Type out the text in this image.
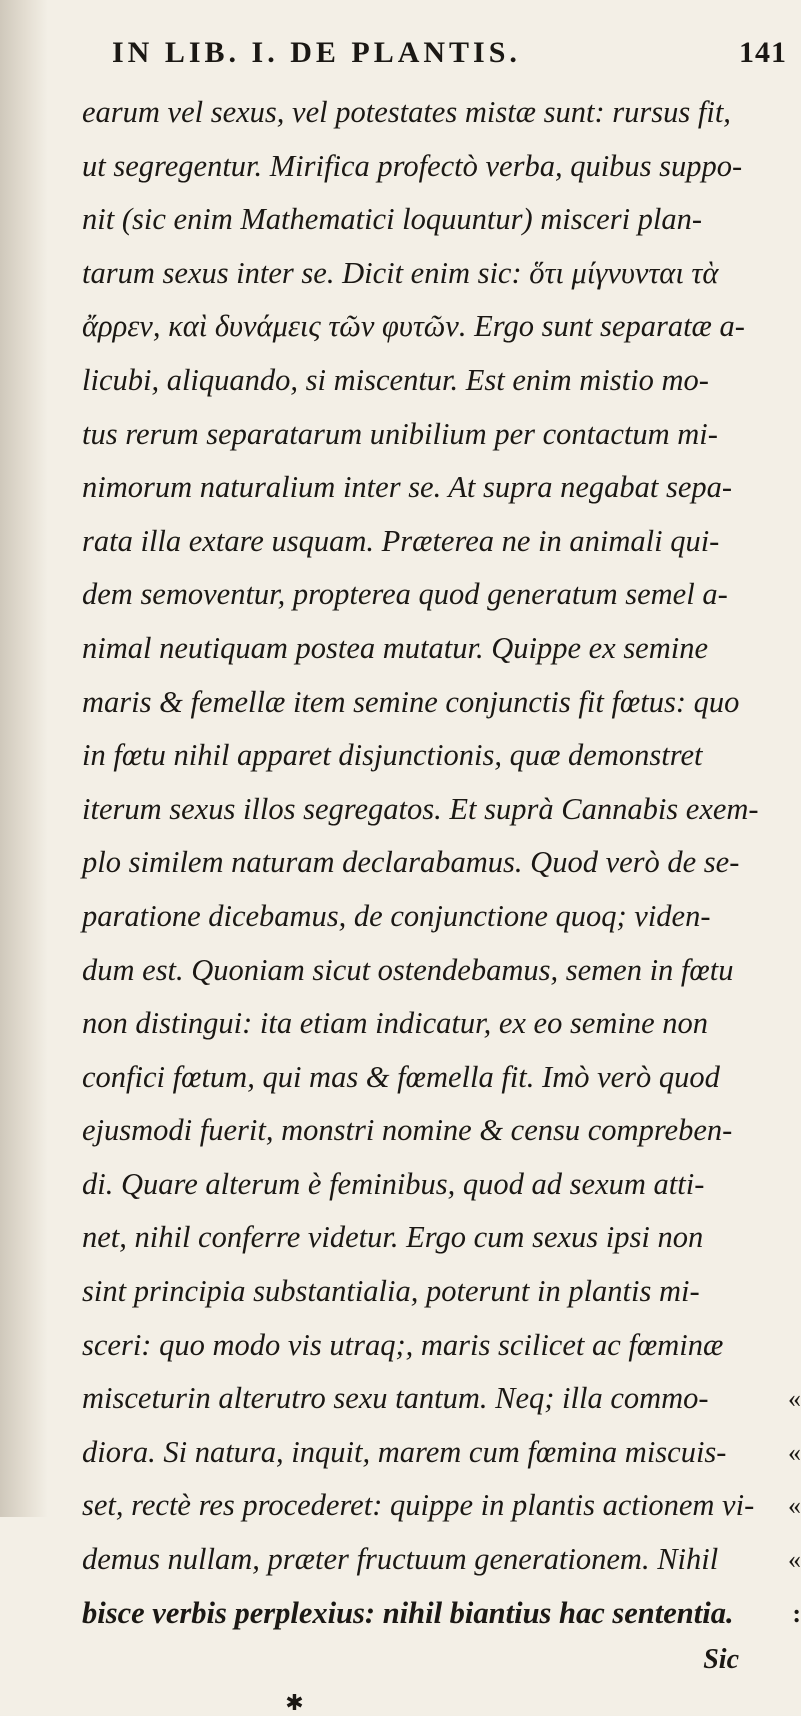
IN LIB. I. DE PLANTIS.	141
earum vel sexus, vel potestates mistæ sunt: rursus fit,
ut segregentur. Mirifica profectò verba, quibus suppo-
nit (sic enim Mathematici loquuntur) misceri plan-
tarum sexus inter se. Dicit enim sic: ὅτι μίγνυνται τὰ
ἄρρεν, καὶ δυνάμεις τῶν φυτῶν. Ergo sunt separatæ a-
licubi, aliquando, si miscentur. Est enim mistio mo-
tus rerum separatarum unibilium per contactum mi-
nimorum naturalium inter se. At supra negabat sepa-
rata illa extare usquam. Præterea ne in animali qui-
dem semoventur, propterea quod generatum semel a-
nimal neutiquam postea mutatur. Quippe ex semine
maris & femellæ item semine conjunctis fit fœtus: quo
in fœtu nihil apparet disjunctionis, quæ demonstret
iterum sexus illos segregatos. Et suprà Cannabis exem-
plo similem naturam declarabamus. Quod verò de se-
paratione dicebamus, de conjunctione quoq; viden-
dum est. Quoniam sicut ostendebamus, semen in fœtu
non distingui: ita etiam indicatur, ex eo semine non
confici fœtum, qui mas & fœmella fit. Imò verò quod
ejusmodi fuerit, monstri nomine & censu compreben-
di. Quare alterum è feminibus, quod ad sexum atti-
net, nihil conferre videtur. Ergo cum sexus ipsi non
sint principia substantialia, poterunt in plantis mi-
sceri: quo modo vis utraq;, maris scilicet ac fœminæ
misceturin alterutro sexu tantum. Neq; illa commo-	«
diora. Si natura, inquit, marem cum fœmina miscuis- «
set, rectè res procederet: quippe in plantis actionem vi- «
demus nullam, præter fructuum generationem. Nihil	«
bisce verbis perplexius: nihil biantius hac sententia. :
Sic
✱
